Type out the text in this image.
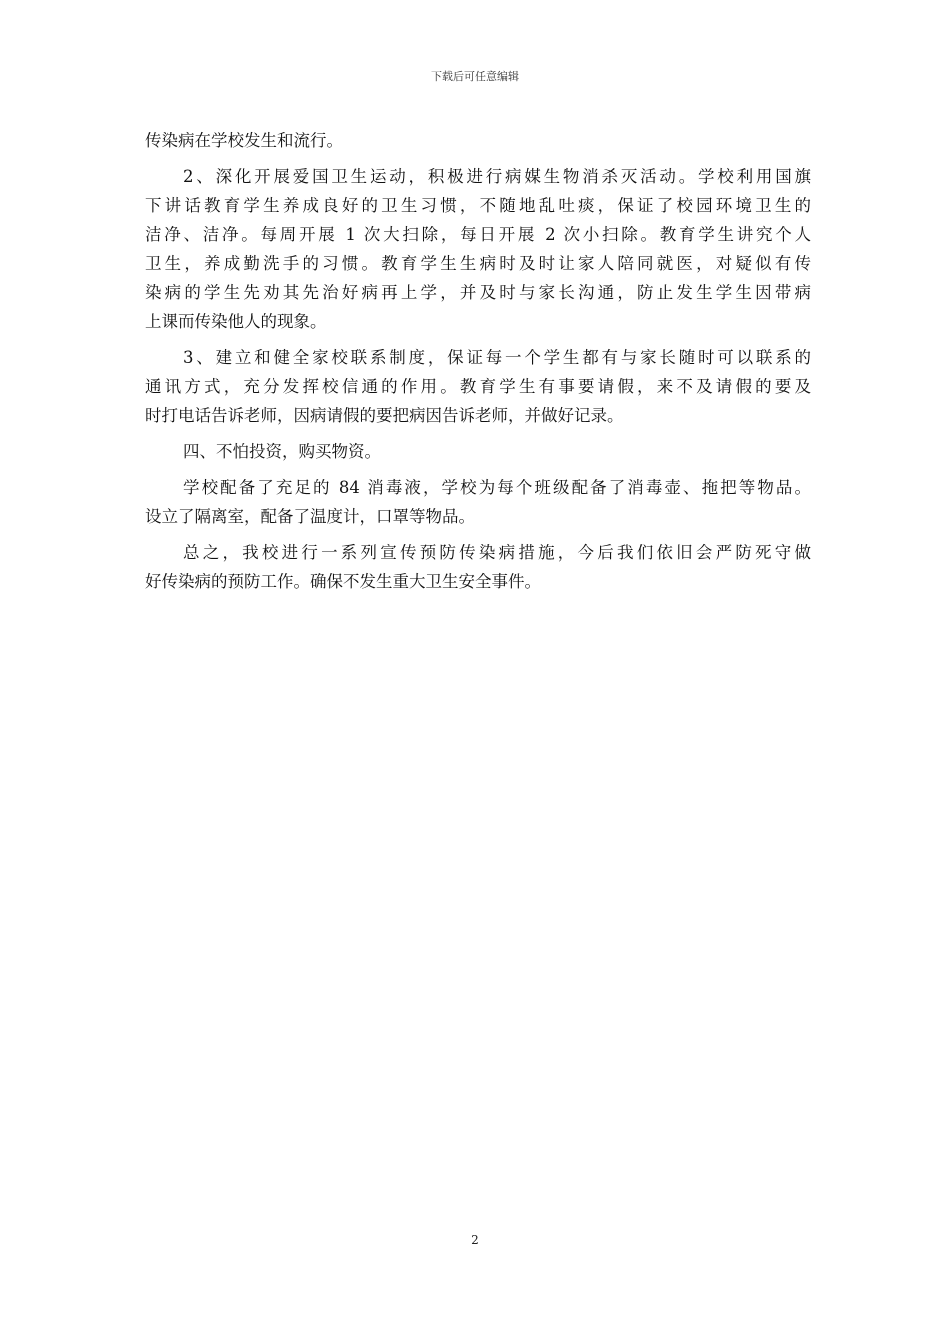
下载后可任意编辑
传染病在学校发生和流行。
2、深化开展爱国卫生运动，积极进行病媒生物消杀灭活动。学校利用国旗
下讲话教育学生养成良好的卫生习惯，不随地乱吐痰，保证了校园环境卫生的
洁净、洁净。每周开展 1 次大扫除，每日开展 2 次小扫除。教育学生讲究个人
卫生，养成勤洗手的习惯。教育学生生病时及时让家人陪同就医，对疑似有传
染病的学生先劝其先治好病再上学，并及时与家长沟通，防止发生学生因带病
上课而传染他人的现象。
3、建立和健全家校联系制度，保证每一个学生都有与家长随时可以联系的
通讯方式，充分发挥校信通的作用。教育学生有事要请假，来不及请假的要及
时打电话告诉老师，因病请假的要把病因告诉老师，并做好记录。
四、不怕投资，购买物资。
学校配备了充足的 84 消毒液，学校为每个班级配备了消毒壶、拖把等物品。
设立了隔离室，配备了温度计，口罩等物品。
总之，我校进行一系列宣传预防传染病措施，今后我们依旧会严防死守做
好传染病的预防工作。确保不发生重大卫生安全事件。
2
